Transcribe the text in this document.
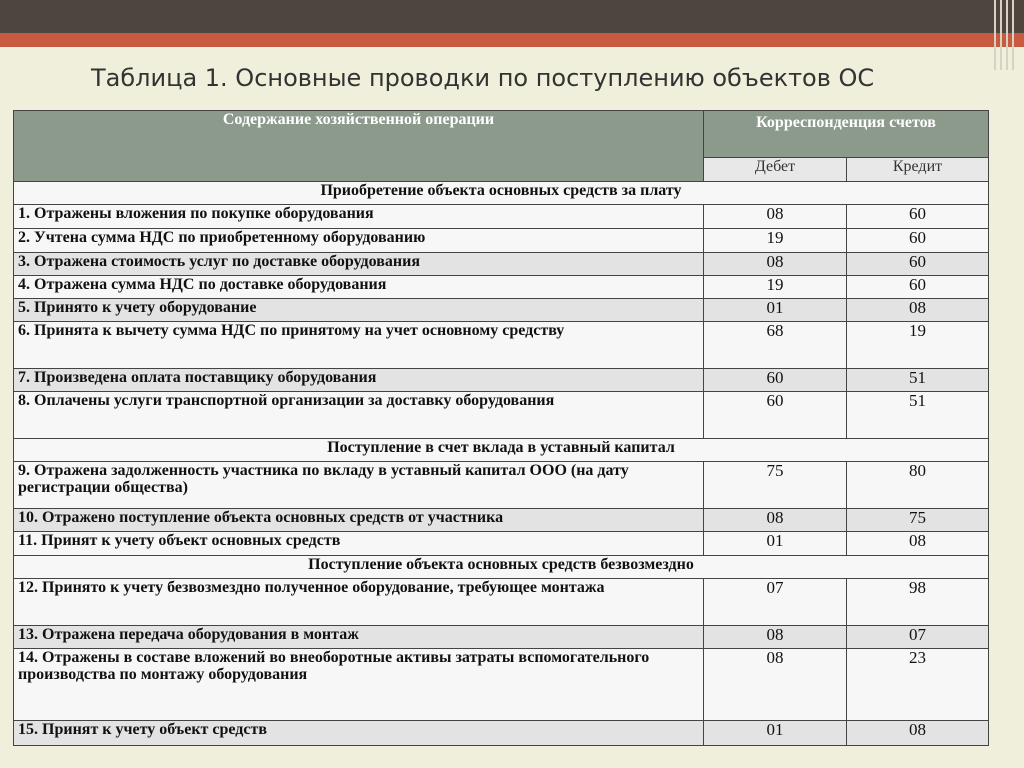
Таблица 1. Основные проводки по поступлению объектов ОС
Содержание хозяйственной операции	Корреспонденция счетов	
	Дебет	Кредит
Приобретение объекта основных средств за плату		
1. Отражены вложения по покупке оборудования	08	60
2. Учтена сумма НДС по приобретенному оборудованию	19	60
3. Отражена стоимость услуг по доставке оборудования	08	60
4. Отражена сумма НДС по доставке оборудования	19	60
5. Принято к учету оборудование	01	08
6. Принята к вычету сумма НДС по принятому на учет основному средству	68	19
7. Произведена оплата поставщику оборудования	60	51
8. Оплачены услуги транспортной организации за доставку оборудования	60	51
Поступление в счет вклада в уставный капитал		
9. Отражена задолженность участника по вкладу в уставный капитал ООО (на дату регистрации общества)	75	80
10. Отражено поступление объекта основных средств от участника	08	75
11. Принят к учету объект основных средств	01	08
Поступление объекта основных средств безвозмездно		
12. Принято к учету безвозмездно полученное оборудование, требующее монтажа	07	98
13. Отражена передача оборудования в монтаж	08	07
14. Отражены в составе вложений во внеоборотные активы затраты вспомогательного производства по монтажу оборудования	08	23
15. Принят к учету объект средств	01	08
